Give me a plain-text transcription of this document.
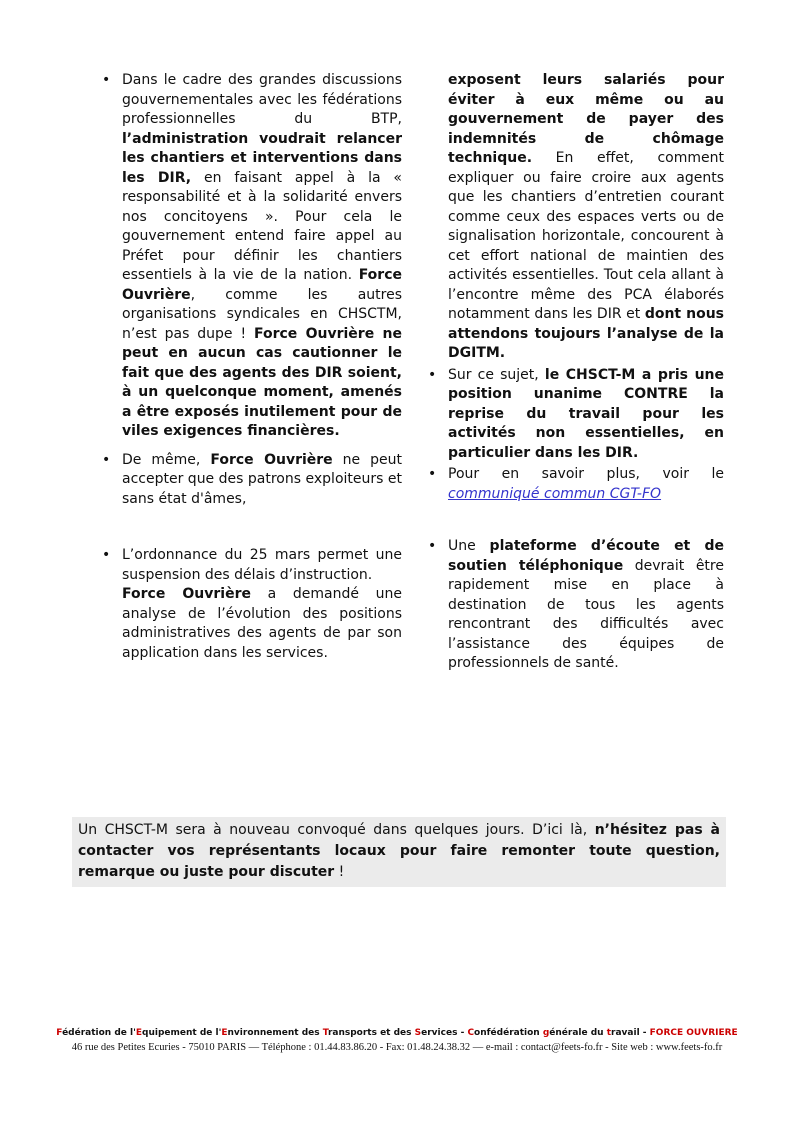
• Dans le cadre des grandes discussions gouvernementales avec les fédérations professionnelles du BTP, l’administration voudrait relancer les chantiers et interventions dans les DIR, en faisant appel à la « responsabilité et à la solidarité envers nos concitoyens ». Pour cela le gouvernement entend faire appel au Préfet pour définir les chantiers essentiels à la vie de la nation. Force Ouvrière, comme les autres organisations syndicales en CHSCTM, n’est pas dupe ! Force Ouvrière ne peut en aucun cas cautionner le fait que des agents des DIR soient, à un quelconque moment, amenés a être exposés inutilement pour de viles exigences financières.

• De même, Force Ouvrière ne peut accepter que des patrons exploiteurs et sans état d'âmes,

• L’ordonnance du 25 mars permet une suspension des délais d’instruction.

Force Ouvrière a demandé une analyse de l’évolution des positions administratives des agents de par son application dans les services.

exposent leurs salariés pour éviter à eux même ou au gouvernement de payer des indemnités de chômage technique. En effet, comment expliquer ou faire croire aux agents que les chantiers d’entretien courant comme ceux des espaces verts ou de signalisation horizontale, concourent à cet effort national de maintien des activités essentielles. Tout cela allant à l’encontre même des PCA élaborés notamment dans les DIR et dont nous attendons toujours l’analyse de la DGITM.

• Sur ce sujet, le CHSCT-M a pris une position unanime CONTRE la reprise du travail pour les activités non essentielles, en particulier dans les DIR.

• Pour en savoir plus, voir le communiqué commun CGT-FO

• Une plateforme d’écoute et de soutien téléphonique devrait être rapidement mise en place à destination de tous les agents rencontrant des difficultés avec l’assistance des équipes de professionnels de santé.

Un CHSCT-M sera à nouveau convoqué dans quelques jours. D’ici là, n’hésitez pas à contacter vos représentants locaux pour faire remonter toute question, remarque ou juste pour discuter !

Fédération de l'Equipement de l'Environnement des Transports et des Services - Confédération générale du travail - FORCE OUVRIERE
46 rue des Petites Ecuries - 75010 PARIS — Téléphone : 01.44.83.86.20 - Fax: 01.48.24.38.32 — e-mail : contact@feets-fo.fr - Site web : www.feets-fo.fr
